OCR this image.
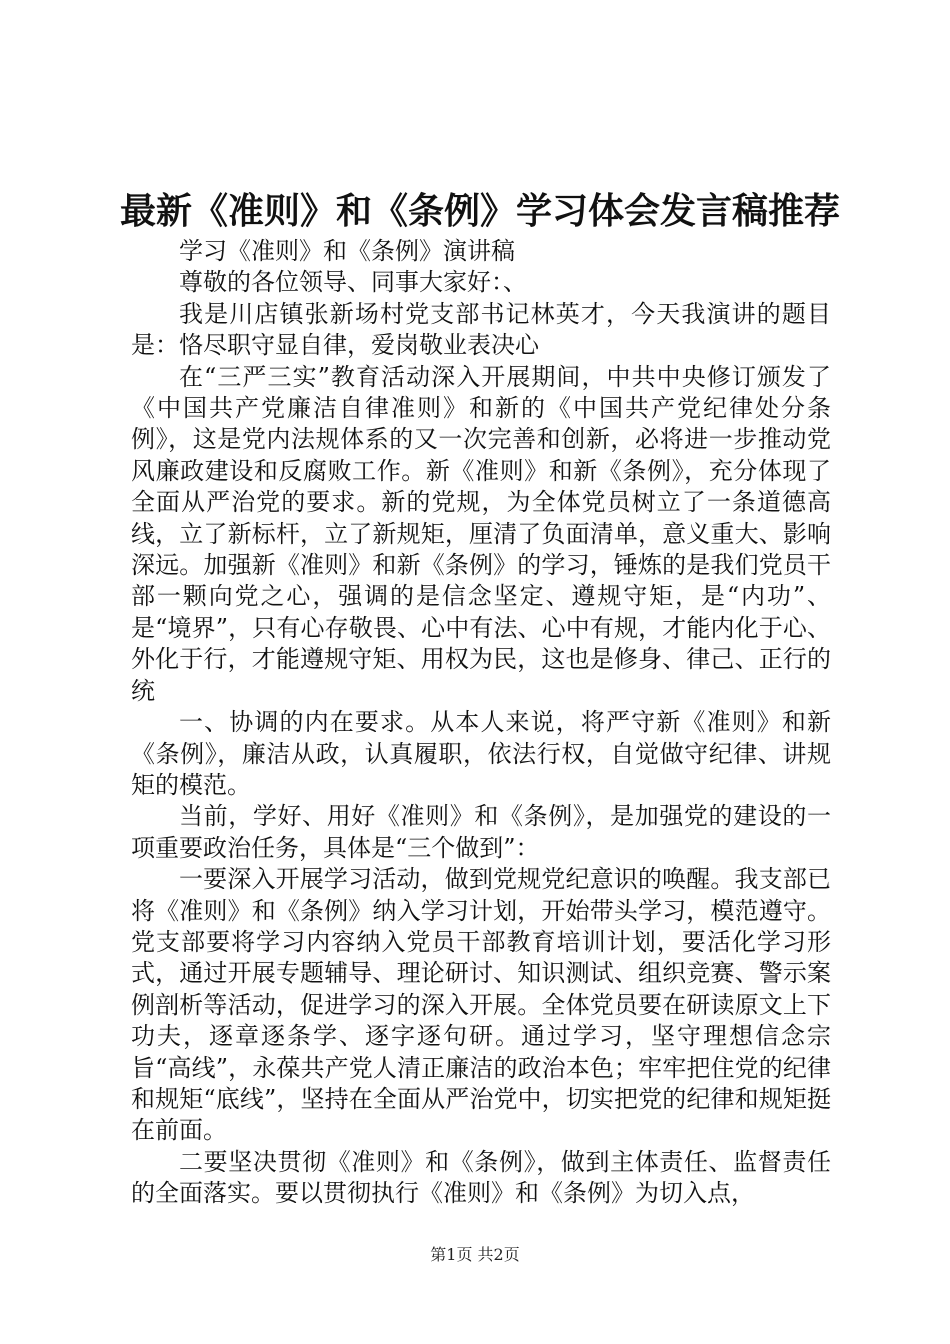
最新《准则》和《条例》学习体会发言稿推荐

学习《准则》和《条例》演讲稿

尊敬的各位领导、同事大家好：、

我是川店镇张新场村党支部书记林英才，今天我演讲的题目是：恪尽职守显自律，爱岗敬业表决心

在“三严三实”教育活动深入开展期间，中共中央修订颁发了《中国共产党廉洁自律准则》和新的《中国共产党纪律处分条例》，这是党内法规体系的又一次完善和创新，必将进一步推动党风廉政建设和反腐败工作。新《准则》和新《条例》，充分体现了全面从严治党的要求。新的党规，为全体党员树立了一条道德高线，立了新标杆，立了新规矩，厘清了负面清单，意义重大、影响深远。加强新《准则》和新《条例》的学习，锤炼的是我们党员干部一颗向党之心，强调的是信念坚定、遵规守矩，是“内功”、是“境界”，只有心存敬畏、心中有法、心中有规，才能内化于心、外化于行，才能遵规守矩、用权为民，这也是修身、律己、正行的统

一、协调的内在要求。从本人来说，将严守新《准则》和新《条例》，廉洁从政，认真履职，依法行权，自觉做守纪律、讲规矩的模范。

当前，学好、用好《准则》和《条例》，是加强党的建设的一项重要政治任务，具体是“三个做到”：

一要深入开展学习活动，做到党规党纪意识的唤醒。我支部已将《准则》和《条例》纳入学习计划，开始带头学习，模范遵守。党支部要将学习内容纳入党员干部教育培训计划，要活化学习形式，通过开展专题辅导、理论研讨、知识测试、组织竞赛、警示案例剖析等活动，促进学习的深入开展。全体党员要在研读原文上下功夫，逐章逐条学、逐字逐句研。通过学习，坚守理想信念宗旨“高线”，永葆共产党人清正廉洁的政治本色；牢牢把住党的纪律和规矩“底线”，坚持在全面从严治党中，切实把党的纪律和规矩挺在前面。

二要坚决贯彻《准则》和《条例》，做到主体责任、监督责任的全面落实。要以贯彻执行《准则》和《条例》为切入点，

第1页 共2页
